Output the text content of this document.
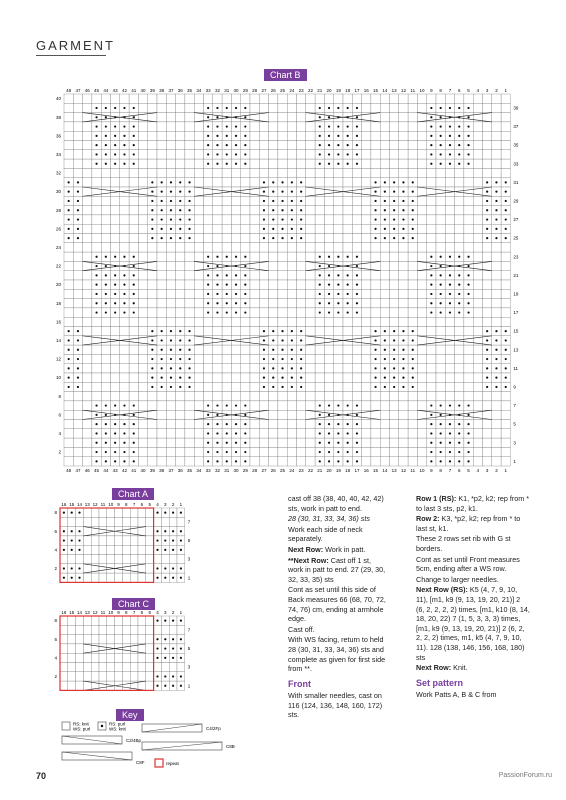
GARMENT
Chart B
48
48
47
47
46
46
45
45
44
44
43
43
42
42
41
41
40
40
39
39
38
38
37
37
36
36
35
35
34
34
33
33
32
32
31
31
30
30
29
29
28
28
27
27
26
26
25
25
24
24
23
23
22
22
21
21
20
20
19
19
18
18
17
17
16
16
15
15
14
14
13
13
12
12
11
11
10
10
9
9
8
8
7
7
6
6
5
5
4
4
3
3
2
2
1
1
40
39
38
37
36
35
34
33
32
31
30
29
28
27
26
25
24
23
22
21
20
19
18
17
16
15
14
13
12
11
10
9
8
7
6
5
4
3
2
1
Chart A
16 15 14 13 12 11 10 9 8 7 6 5 4 3 2 1
8
7
6
5
4
3
2
1
Chart C
16 15 14 13 12 11 10 9 8 7 6 5 4 3 2 1
8
7
6
5
4
3
2
1
Key
RS: knit
WS: purl
RS: purl
WS: knit	C4/2Fp
C2/4Bp
C8B
C8F	repeat

cast off 38 (38, 40, 40, 42, 42) sts, work in patt to end.

28 (30, 31, 33, 34, 36) sts

Work each side of neck separately.

Next Row: Work in patt.

**Next Row: Cast off 1 st, work in patt to end. 27 (29, 30, 32, 33, 35) sts

Cont as set until this side of Back measures 66 (68, 70, 72, 74, 76) cm, ending at armhole edge.

Cast off.

With WS facing, return to held 28 (30, 31, 33, 34, 36) sts and complete as given for first side from **.

Front

With smaller needles, cast on 116 (124, 136, 148, 160, 172) sts.

Row 1 (RS): K1, *p2, k2; rep from * to last 3 sts, p2, k1.

Row 2: K3, *p2, k2; rep from * to last st, k1.

These 2 rows set rib with G st borders.

Cont as set until Front measures 5cm, ending after a WS row.

Change to larger needles.

Next Row (RS): K5 (4, 7, 9, 10, 11), [m1, k9 (9, 13, 19, 20, 21)] 2 (6, 2, 2, 2, 2) times, [m1, k10 (8, 14, 18, 20, 22) 7 (1, 5, 3, 3, 3) times, [m1, k9 (9, 13, 19, 20, 21)] 2 (6, 2, 2, 2, 2) times, m1, k5 (4, 7, 9, 10, 11). 128 (138, 146, 156, 168, 180) sts

Next Row: Knit.

Set pattern

Work Patts A, B & C from

70	PassionForum.ru
